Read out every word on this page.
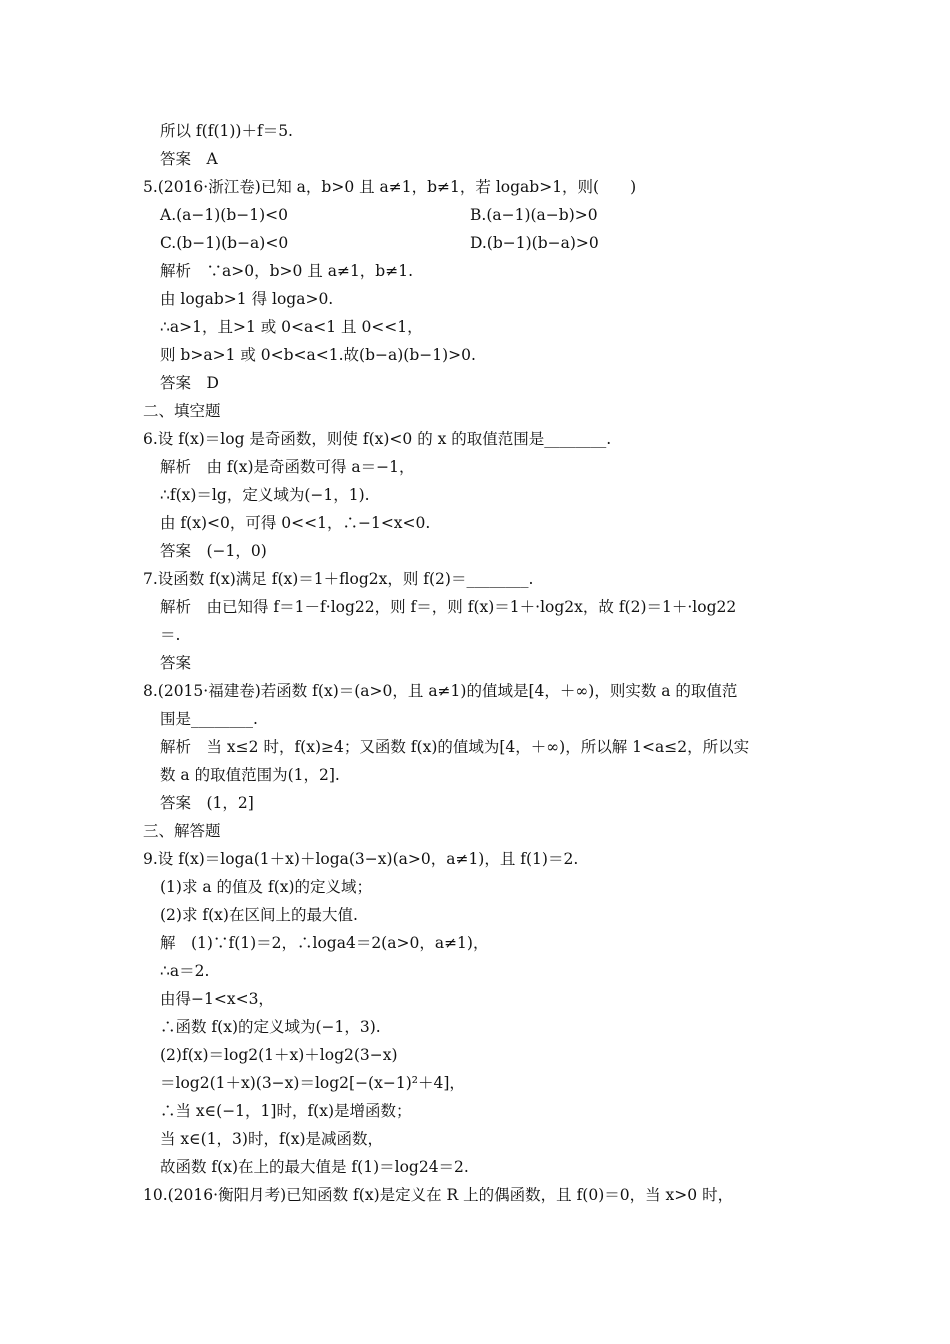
所以 f(f(1))＋f＝5.
答案　A
5.(2016·浙江卷)已知 a，b>0 且 a≠1，b≠1，若 logab>1，则(　　)
A.(a−1)(b−1)<0	B.(a−1)(a−b)>0
C.(b−1)(b−a)<0	D.(b−1)(b−a)>0
解析　∵a>0，b>0 且 a≠1，b≠1.
由 logab>1 得 loga>0.
∴a>1，且>1 或 0<a<1 且 0<<1，
则 b>a>1 或 0<b<a<1.故(b−a)(b−1)>0.
答案　D
二、填空题
6.设 f(x)＝log 是奇函数，则使 f(x)<0 的 x 的取值范围是________.
解析　由 f(x)是奇函数可得 a＝−1，
∴f(x)＝lg，定义域为(−1，1).
由 f(x)<0，可得 0<<1，∴−1<x<0.
答案　(−1，0)
7.设函数 f(x)满足 f(x)＝1＋flog2x，则 f(2)＝________.
解析　由已知得 f＝1－f·log22，则 f＝，则 f(x)＝1＋·log2x，故 f(2)＝1＋·log22
＝.
答案
8.(2015·福建卷)若函数 f(x)＝(a>0，且 a≠1)的值域是[4，＋∞)，则实数 a 的取值范
围是________.
解析　当 x≤2 时，f(x)≥4；又函数 f(x)的值域为[4，＋∞)，所以解 1<a≤2，所以实
数 a 的取值范围为(1，2].
答案　(1，2]
三、解答题
9.设 f(x)＝loga(1＋x)＋loga(3−x)(a>0，a≠1)，且 f(1)＝2.
(1)求 a 的值及 f(x)的定义域；
(2)求 f(x)在区间上的最大值.
解　(1)∵f(1)＝2，∴loga4＝2(a>0，a≠1)，
∴a＝2.
由得−1<x<3，
∴函数 f(x)的定义域为(−1，3).
(2)f(x)＝log2(1＋x)＋log2(3−x)
＝log2(1＋x)(3−x)＝log2[−(x−1)²＋4]，
∴当 x∈(−1，1]时，f(x)是增函数；
当 x∈(1，3)时，f(x)是减函数，
故函数 f(x)在上的最大值是 f(1)＝log24＝2.
10.(2016·衡阳月考)已知函数 f(x)是定义在 R 上的偶函数，且 f(0)＝0，当 x>0 时，
